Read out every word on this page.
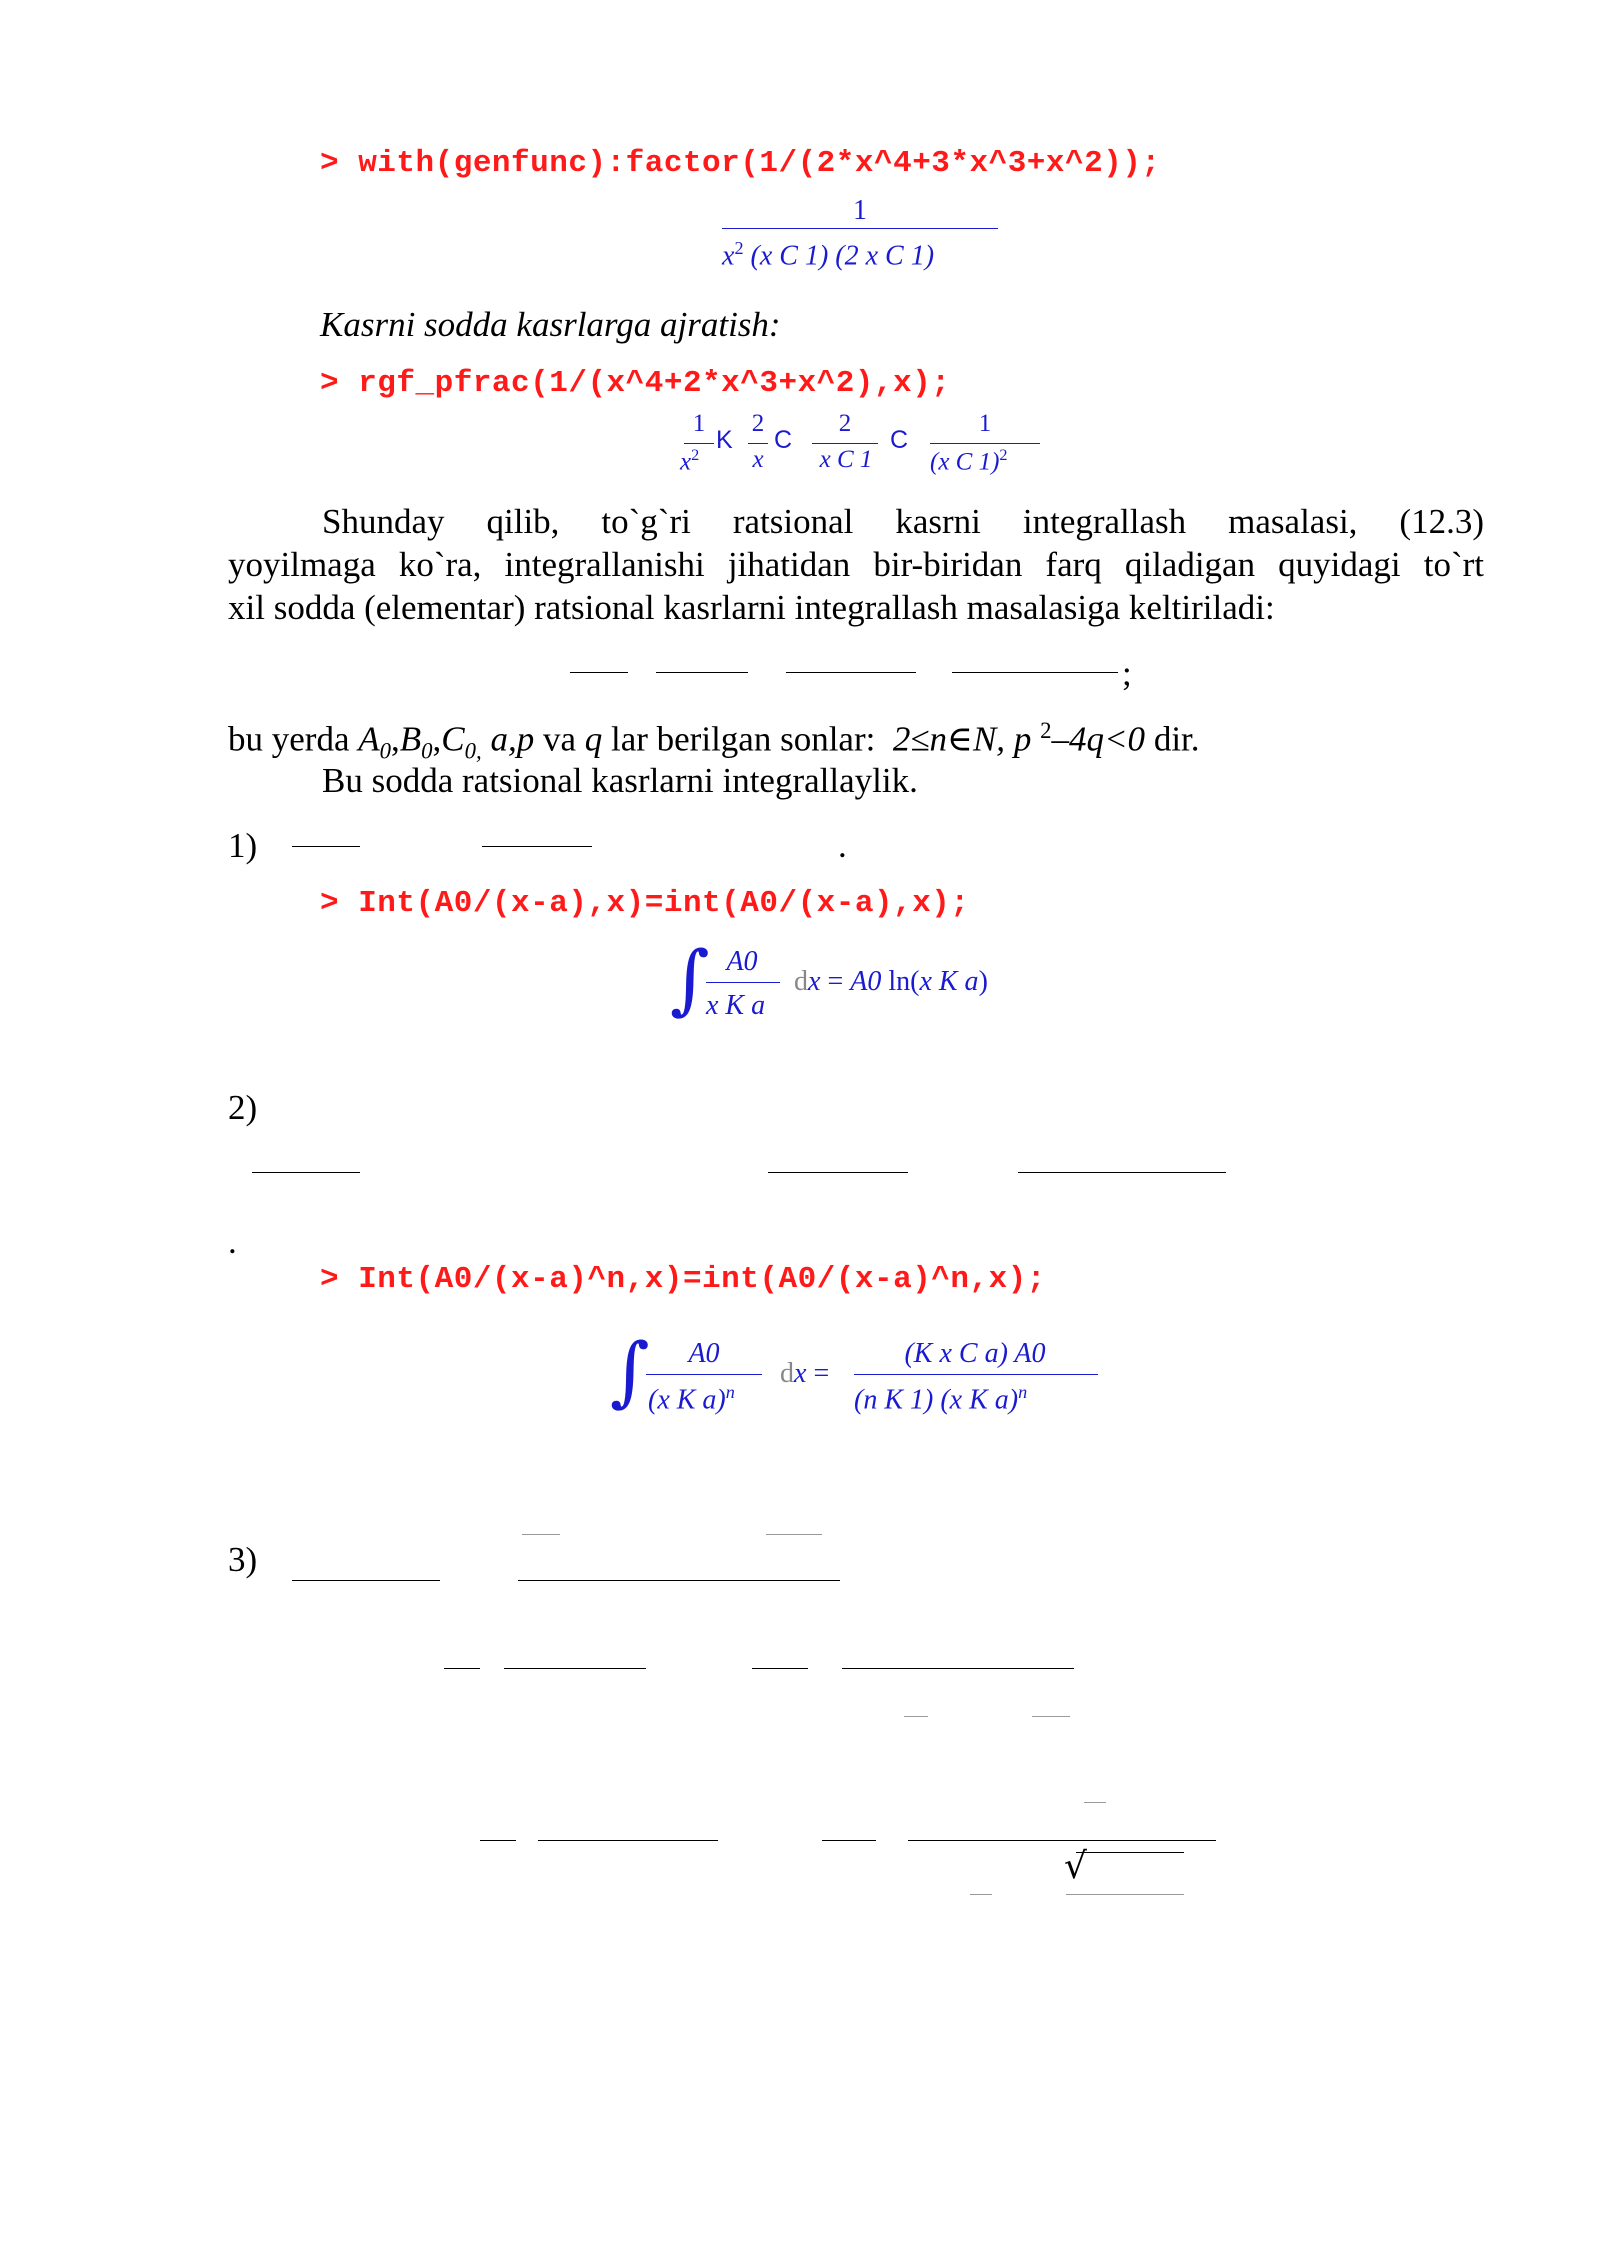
> with(genfunc):factor(1/(2*x^4+3*x^3+x^2));
1
$x^2$ (x C 1) (2 x C 1)
Kasrni sodda kasrlarga ajratish:
> rgf_pfrac(1/(x^4+2*x^3+x^2),x);
1
$x^2$
K
2
x
C
2
x C 1
C
1
(x C 1)$^2$
Shunday qilib, to`g`ri ratsional kasrni integrallash masalasi, (12.3)
yoyilmaga ko`ra, integrallanishi jihatidan bir-biridan farq qiladigan quyidagi to`rt
xil sodda (elementar) ratsional kasrlarni integrallash masalasiga keltiriladi:
;
bu yerda $A_0,B_0,C_{0,}$ a,p va q lar berilgan sonlar: 2≤n∈N, p $^2$–4q<0 dir.
Bu sodda ratsional kasrlarni integrallaylik.
1)	.
> Int(A0/(x-a),x)=int(A0/(x-a),x);
∫ A0
x K a
dx = A0 ln(x K a)
2)
.
> Int(A0/(x-a)^n,x)=int(A0/(x-a)^n,x);
∫	A0
(x K a)$^n$
dx =
(K x C a) A0
(n K 1) (x K a)$^n$
3)
√
